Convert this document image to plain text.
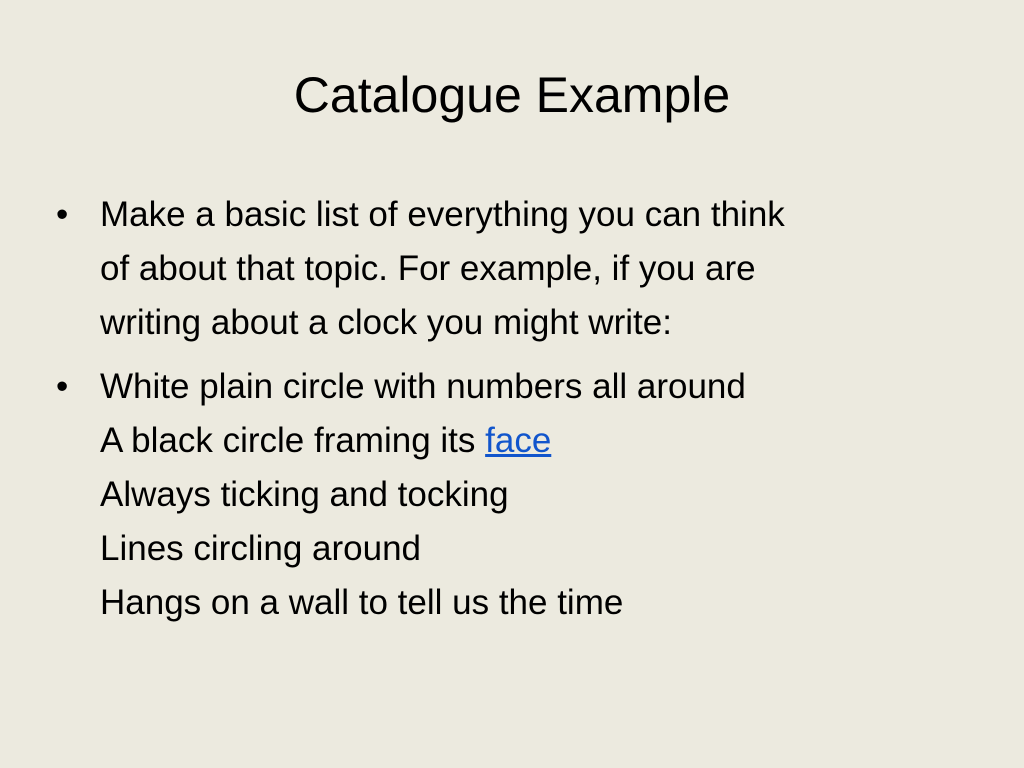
Catalogue Example
• Make a basic list of everything you can think
of about that topic. For example, if you are
writing about a clock you might write:
• White plain circle with numbers all around
A black circle framing its face
Always ticking and tocking
Lines circling around
Hangs on a wall to tell us the time
